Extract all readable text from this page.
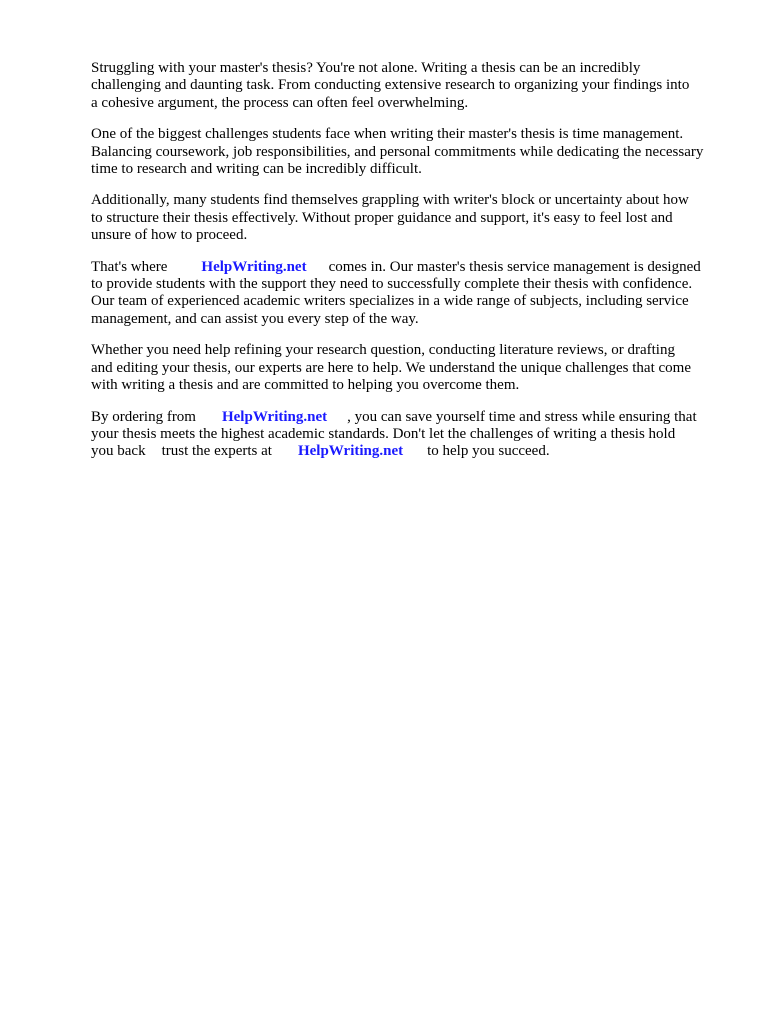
Struggling with your master's thesis? You're not alone. Writing a thesis can be an incredibly
challenging and daunting task. From conducting extensive research to organizing your findings into
a cohesive argument, the process can often feel overwhelming.
One of the biggest challenges students face when writing their master's thesis is time management.
Balancing coursework, job responsibilities, and personal commitments while dedicating the necessary
time to research and writing can be incredibly difficult.
Additionally, many students find themselves grappling with writer's block or uncertainty about how
to structure their thesis effectively. Without proper guidance and support, it's easy to feel lost and
unsure of how to proceed.
That's where HelpWriting.net comes in. Our master's thesis service management is designed
to provide students with the support they need to successfully complete their thesis with confidence.
Our team of experienced academic writers specializes in a wide range of subjects, including service
management, and can assist you every step of the way.
Whether you need help refining your research question, conducting literature reviews, or drafting
and editing your thesis, our experts are here to help. We understand the unique challenges that come
with writing a thesis and are committed to helping you overcome them.
By ordering from HelpWriting.net , you can save yourself time and stress while ensuring that
your thesis meets the highest academic standards. Don't let the challenges of writing a thesis hold
you back trust the experts at HelpWriting.net to help you succeed.
